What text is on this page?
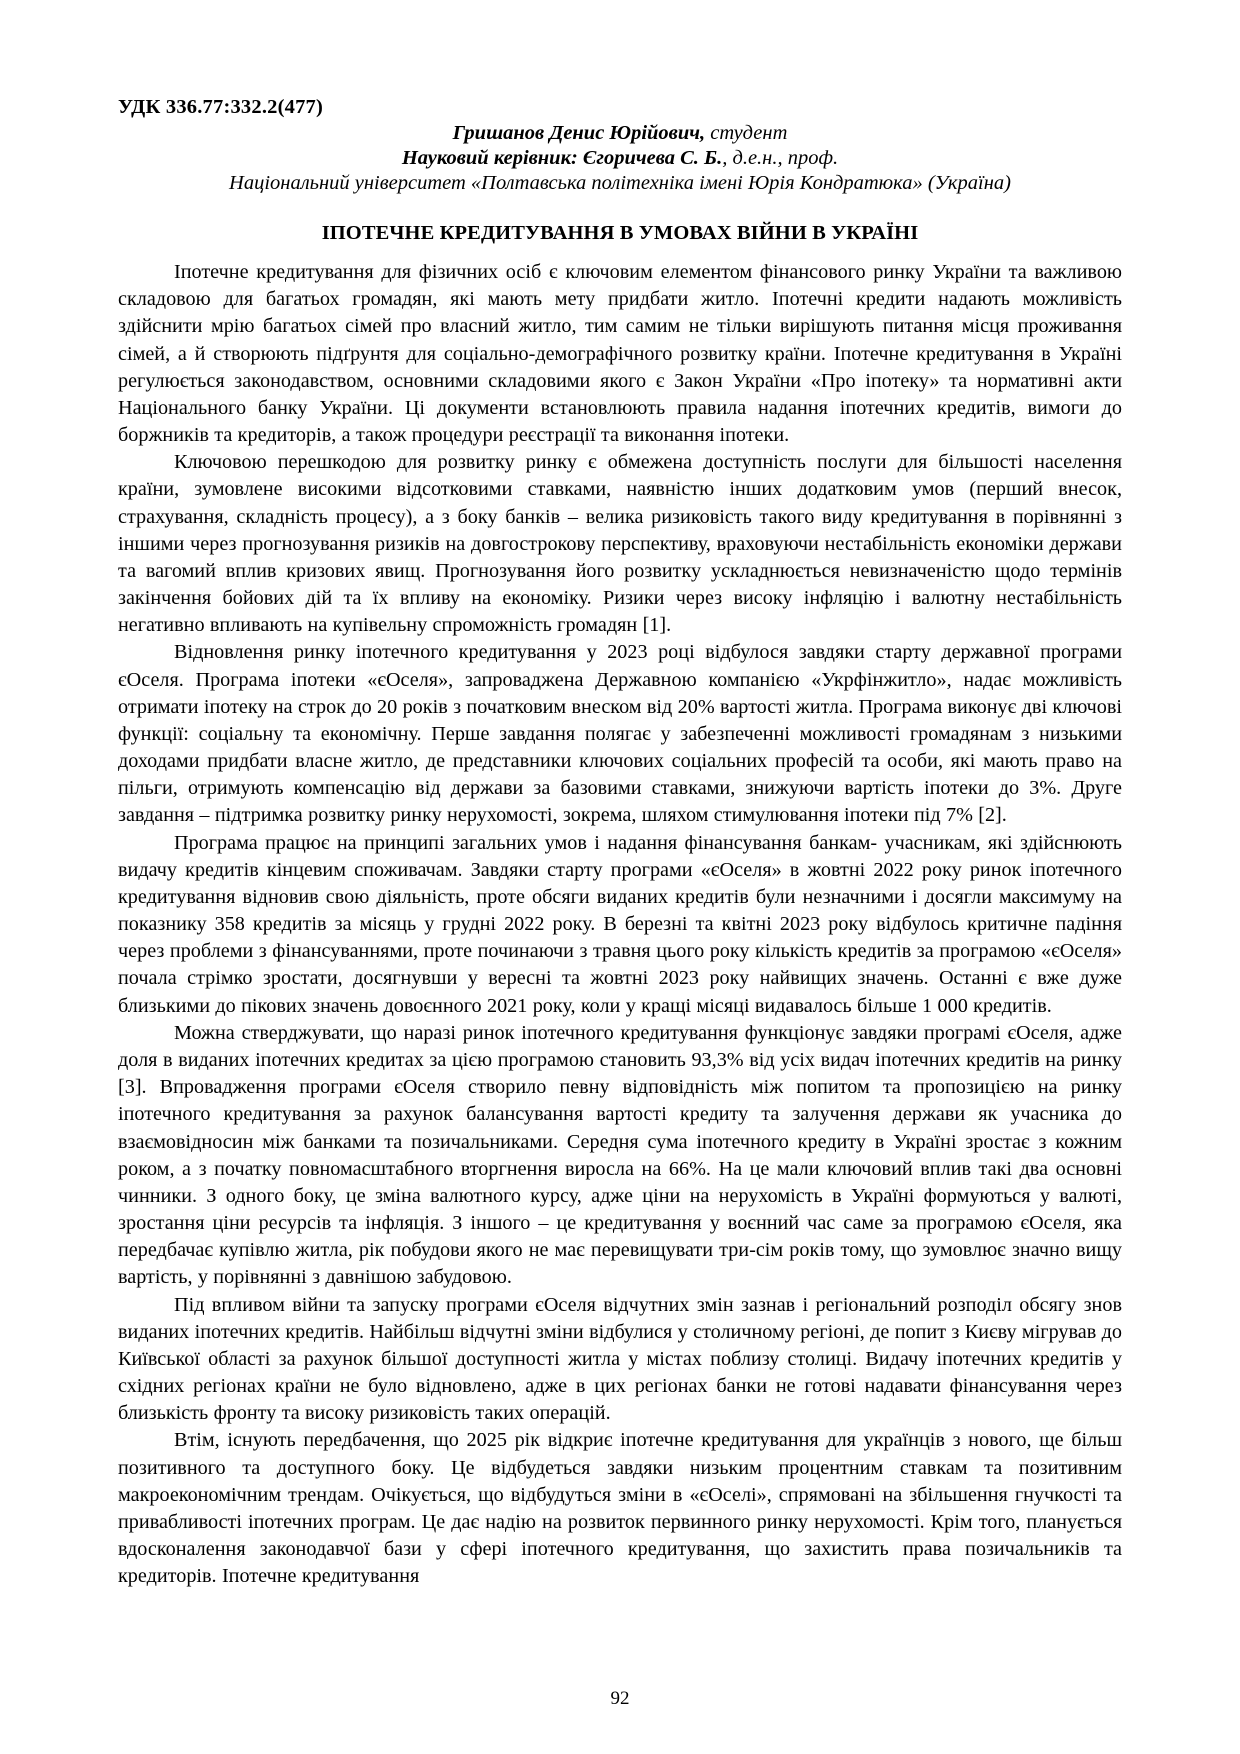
УДК 336.77:332.2(477)
Гришанов Денис Юрійович, студент
Науковий керівник: Єгоричева С. Б., д.е.н., проф.
Національний університет «Полтавська політехніка імені Юрія Кондратюка» (Україна)
ІПОТЕЧНЕ КРЕДИТУВАННЯ В УМОВАХ ВІЙНИ В УКРАЇНІ

Іпотечне кредитування для фізичних осіб є ключовим елементом фінансового ринку України та важливою складовою для багатьох громадян, які мають мету придбати житло. Іпотечні кредити надають можливість здійснити мрію багатьох сімей про власний житло, тим самим не тільки вирішують питання місця проживання сімей, а й створюють підґрунтя для соціально-демографічного розвитку країни. Іпотечне кредитування в Україні регулюється законодавством, основними складовими якого є Закон України «Про іпотеку» та нормативні акти Національного банку України. Ці документи встановлюють правила надання іпотечних кредитів, вимоги до боржників та кредиторів, а також процедури реєстрації та виконання іпотеки.

Ключовою перешкодою для розвитку ринку є обмежена доступність послуги для більшості населення країни, зумовлене високими відсотковими ставками, наявністю інших додатковим умов (перший внесок, страхування, складність процесу), а з боку банків – велика ризиковість такого виду кредитування в порівнянні з іншими через прогнозування ризиків на довгострокову перспективу, враховуючи нестабільність економіки держави та вагомий вплив кризових явищ. Прогнозування його розвитку ускладнюється невизначеністю щодо термінів закінчення бойових дій та їх впливу на економіку. Ризики через високу інфляцію і валютну нестабільність негативно впливають на купівельну спроможність громадян [1].

Відновлення ринку іпотечного кредитування у 2023 році відбулося завдяки старту державної програми єОселя. Програма іпотеки «єОселя», запроваджена Державною компанією «Укрфінжитло», надає можливість отримати іпотеку на строк до 20 років з початковим внеском від 20% вартості житла. Програма виконує дві ключові функції: соціальну та економічну. Перше завдання полягає у забезпеченні можливості громадянам з низькими доходами придбати власне житло, де представники ключових соціальних професій та особи, які мають право на пільги, отримують компенсацію від держави за базовими ставками, знижуючи вартість іпотеки до 3%. Друге завдання – підтримка розвитку ринку нерухомості, зокрема, шляхом стимулювання іпотеки під 7% [2].

Програма працює на принципі загальних умов і надання фінансування банкам- учасникам, які здійснюють видачу кредитів кінцевим споживачам. Завдяки старту програми «єОселя» в жовтні 2022 року ринок іпотечного кредитування відновив свою діяльність, проте обсяги виданих кредитів були незначними і досягли максимуму на показнику 358 кредитів за місяць у грудні 2022 року. В березні та квітні 2023 року відбулось критичне падіння через проблеми з фінансуваннями, проте починаючи з травня цього року кількість кредитів за програмою «єОселя» почала стрімко зростати, досягнувши у вересні та жовтні 2023 року найвищих значень. Останні є вже дуже близькими до пікових значень довоєнного 2021 року, коли у кращі місяці видавалось більше 1 000 кредитів.

Можна стверджувати, що наразі ринок іпотечного кредитування функціонує завдяки програмі єОселя, адже доля в виданих іпотечних кредитах за цією програмою становить 93,3% від усіх видач іпотечних кредитів на ринку [3]. Впровадження програми єОселя створило певну відповідність між попитом та пропозицією на ринку іпотечного кредитування за рахунок балансування вартості кредиту та залучення держави як учасника до взаємовідносин між банками та позичальниками. Середня сума іпотечного кредиту в Україні зростає з кожним роком, а з початку повномасштабного вторгнення виросла на 66%. На це мали ключовий вплив такі два основні чинники. З одного боку, це зміна валютного курсу, адже ціни на нерухомість в Україні формуються у валюті, зростання ціни ресурсів та інфляція. З іншого – це кредитування у воєнний час саме за програмою єОселя, яка передбачає купівлю житла, рік побудови якого не має перевищувати три-сім років тому, що зумовлює значно вищу вартість, у порівнянні з давнішою забудовою.

Під впливом війни та запуску програми єОселя відчутних змін зазнав і регіональний розподіл обсягу знов виданих іпотечних кредитів. Найбільш відчутні зміни відбулися у столичному регіоні, де попит з Києву мігрував до Київської області за рахунок більшої доступності житла у містах поблизу столиці. Видачу іпотечних кредитів у східних регіонах країни не було відновлено, адже в цих регіонах банки не готові надавати фінансування через близькість фронту та високу ризиковість таких операцій.

Втім, існують передбачення, що 2025 рік відкриє іпотечне кредитування для українців з нового, ще більш позитивного та доступного боку. Це відбудеться завдяки низьким процентним ставкам та позитивним макроекономічним трендам. Очікується, що відбудуться зміни в «єОселі», спрямовані на збільшення гнучкості та привабливості іпотечних програм. Це дає надію на розвиток первинного ринку нерухомості. Крім того, планується вдосконалення законодавчої бази у сфері іпотечного кредитування, що захистить права позичальників та кредиторів. Іпотечне кредитування

92
